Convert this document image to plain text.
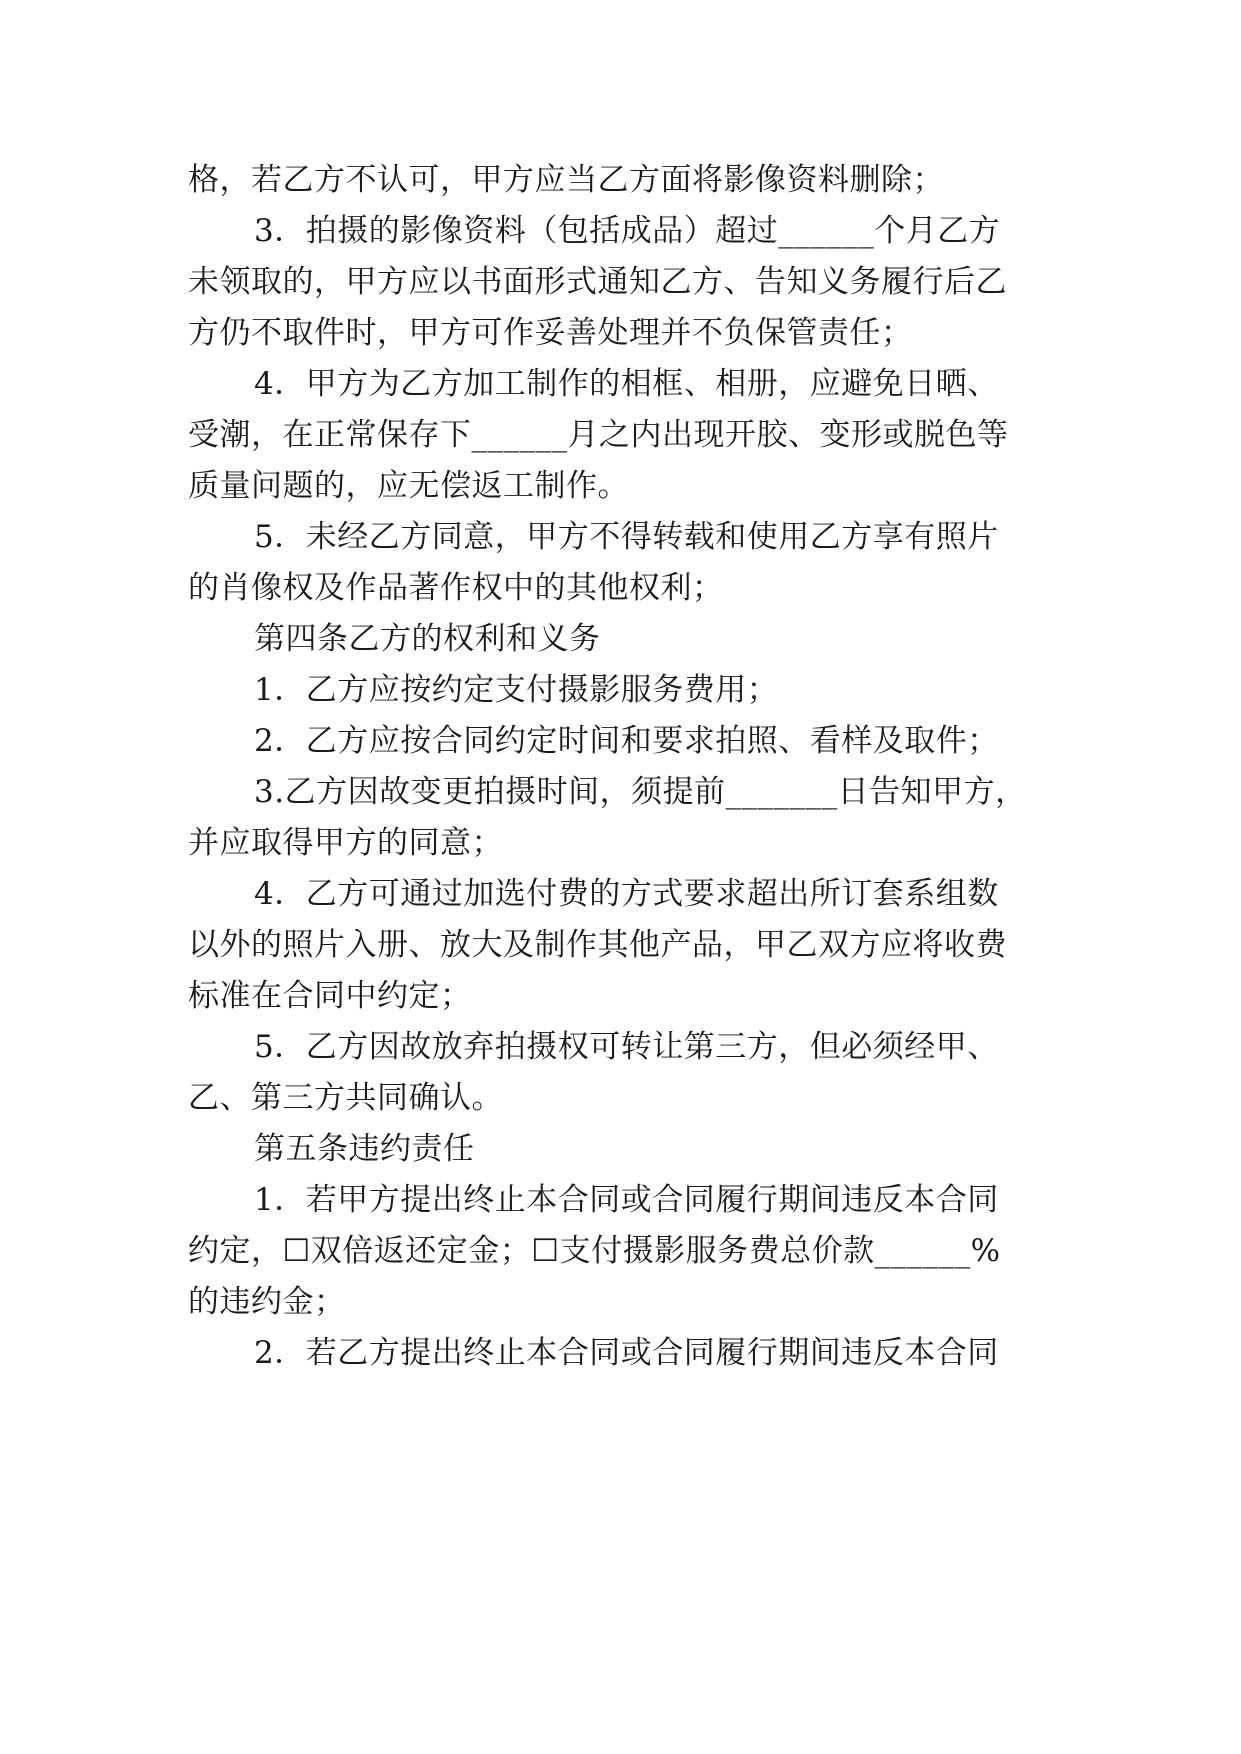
格，若乙方不认可，甲方应当乙方面将影像资料删除；
3．拍摄的影像资料（包括成品）超过______个月乙方
未领取的，甲方应以书面形式通知乙方、告知义务履行后乙
方仍不取件时，甲方可作妥善处理并不负保管责任；
4．甲方为乙方加工制作的相框、相册，应避免日晒、
受潮，在正常保存下______月之内出现开胶、变形或脱色等
质量问题的，应无偿返工制作。
5．未经乙方同意，甲方不得转载和使用乙方享有照片
的肖像权及作品著作权中的其他权利；
第四条乙方的权利和义务
1．乙方应按约定支付摄影服务费用；
2．乙方应按合同约定时间和要求拍照、看样及取件；
3.乙方因故变更拍摄时间，须提前_______日告知甲方，
并应取得甲方的同意；
4．乙方可通过加选付费的方式要求超出所订套系组数
以外的照片入册、放大及制作其他产品，甲乙双方应将收费
标准在合同中约定；
5．乙方因故放弃拍摄权可转让第三方，但必须经甲、
乙、第三方共同确认。
第五条违约责任
1．若甲方提出终止本合同或合同履行期间违反本合同
约定，☐双倍返还定金；☐支付摄影服务费总价款______%
的违约金；
2．若乙方提出终止本合同或合同履行期间违反本合同
